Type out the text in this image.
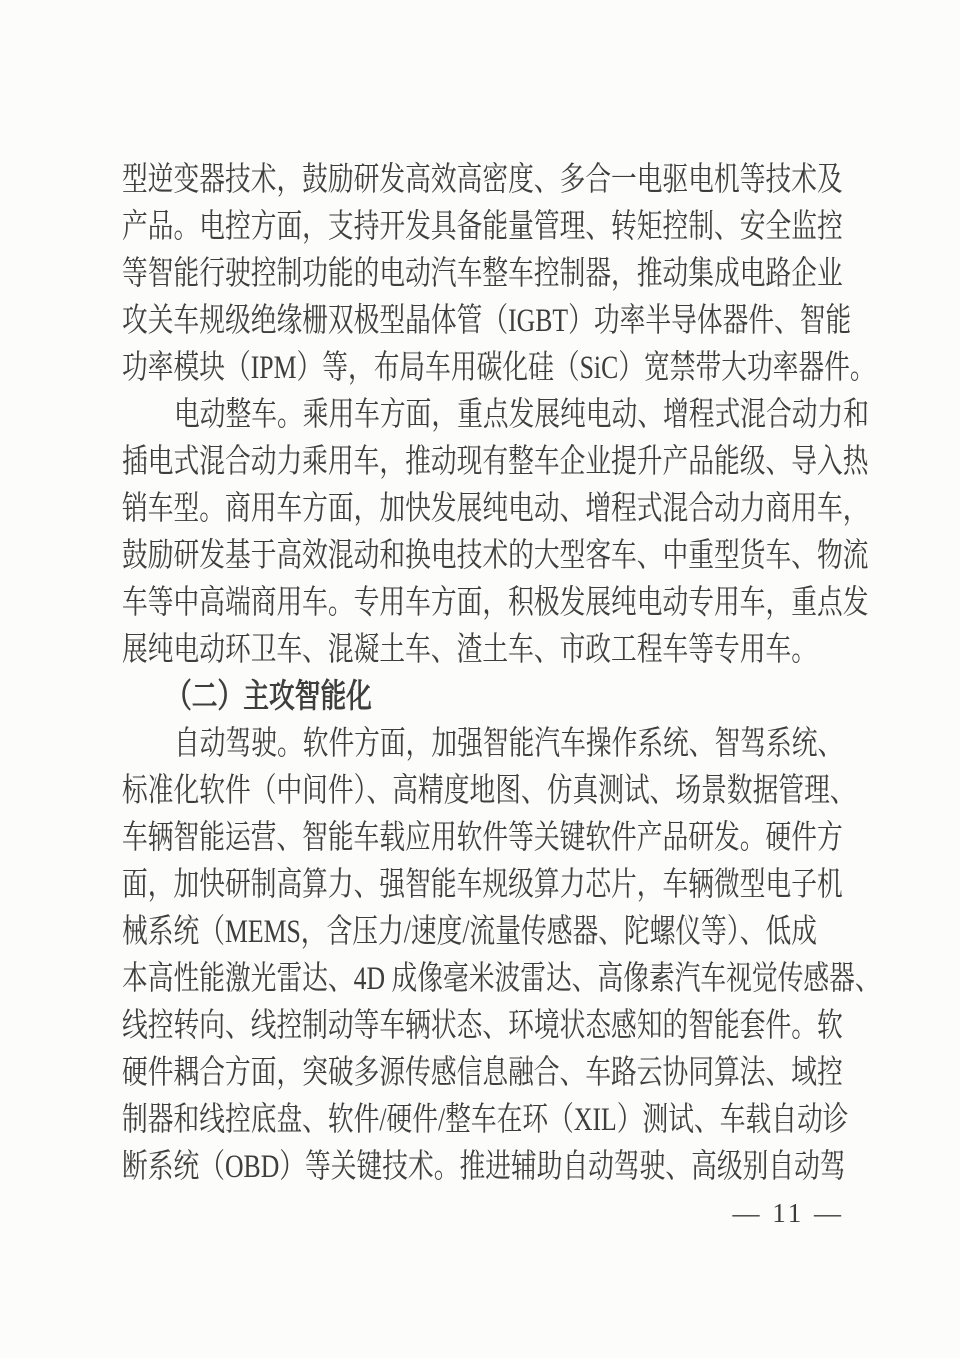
型逆变器技术，鼓励研发高效高密度、多合一电驱电机等技术及
产品。电控方面，支持开发具备能量管理、转矩控制、安全监控
等智能行驶控制功能的电动汽车整车控制器，推动集成电路企业
攻关车规级绝缘栅双极型晶体管（IGBT）功率半导体器件、智能
功率模块（IPM）等，布局车用碳化硅（SiC）宽禁带大功率器件。
电动整车。乘用车方面，重点发展纯电动、增程式混合动力和
插电式混合动力乘用车，推动现有整车企业提升产品能级、导入热
销车型。商用车方面，加快发展纯电动、增程式混合动力商用车，
鼓励研发基于高效混动和换电技术的大型客车、中重型货车、物流
车等中高端商用车。专用车方面，积极发展纯电动专用车，重点发
展纯电动环卫车、混凝土车、渣土车、市政工程车等专用车。
（二）主攻智能化
自动驾驶。软件方面，加强智能汽车操作系统、智驾系统、
标准化软件（中间件）、高精度地图、仿真测试、场景数据管理、
车辆智能运营、智能车载应用软件等关键软件产品研发。硬件方
面，加快研制高算力、强智能车规级算力芯片，车辆微型电子机
械系统（MEMS，含压力/速度/流量传感器、陀螺仪等）、低成
本高性能激光雷达、4D 成像毫米波雷达、高像素汽车视觉传感器、
线控转向、线控制动等车辆状态、环境状态感知的智能套件。软
硬件耦合方面，突破多源传感信息融合、车路云协同算法、域控
制器和线控底盘、软件/硬件/整车在环（XIL）测试、车载自动诊
断系统（OBD）等关键技术。推进辅助自动驾驶、高级别自动驾
— 11 —
